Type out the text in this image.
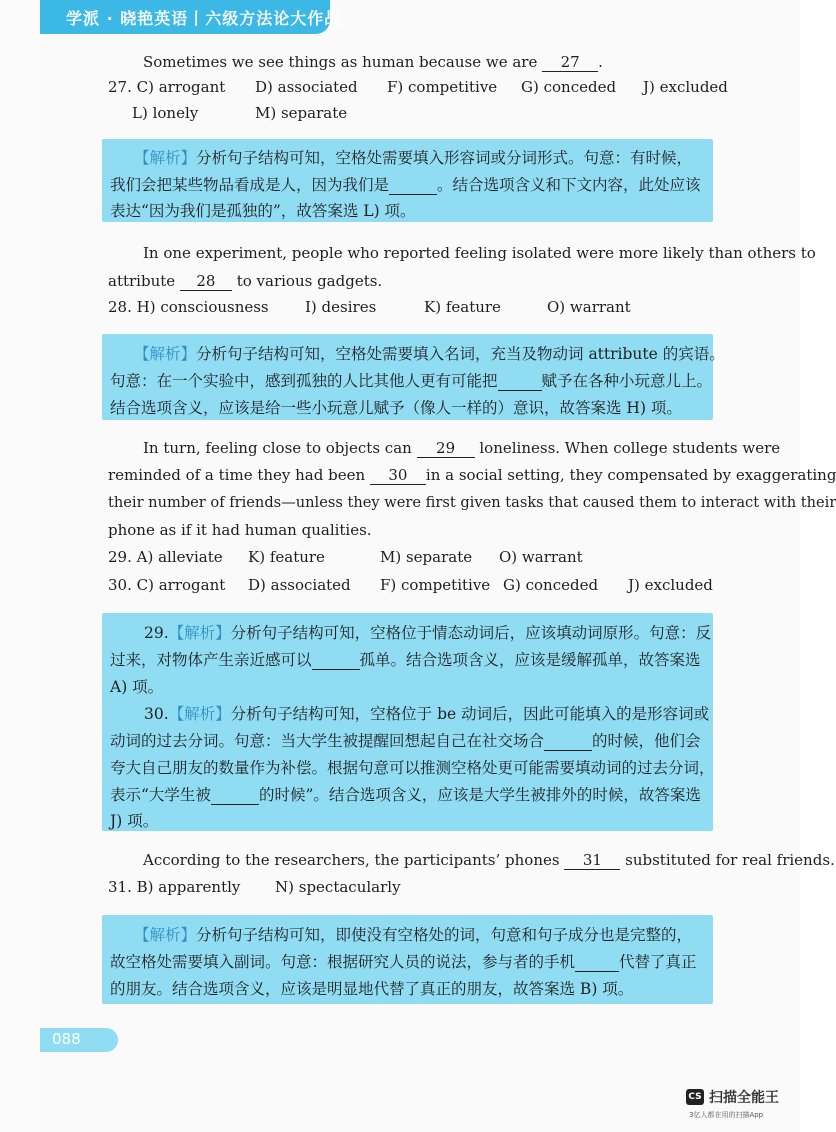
学派 · 晓艳英语丨六级方法论大作战
Sometimes we see things as human because we are 27 .
27. C) arrogant D) associated F) competitive G) conceded J) excluded
L) lonely	M) separate
【解析】分析句子结构可知，空格处需要填入形容词或分词形式。句意：有时候，
我们会把某些物品看成是人，因为我们是	。结合选项含义和下文内容，此处应该
表达“因为我们是孤独的”，故答案选 L) 项。
In one experiment, people who reported feeling isolated were more likely than others to
attribute 28 to various gadgets.
28. H) consciousness I) desires	K) feature	O) warrant
【解析】分析句子结构可知，空格处需要填入名词，充当及物动词 attribute 的宾语。
句意：在一个实验中，感到孤独的人比其他人更有可能把	赋予在各种小玩意儿上。
结合选项含义，应该是给一些小玩意儿赋予（像人一样的）意识，故答案选 H) 项。
In turn, feeling close to objects can 29 loneliness. When college students were
reminded of a time they had been 30 in a social setting, they compensated by exaggerating
their number of friends—unless they were first given tasks that caused them to interact with their
phone as if it had human qualities.
29. A) alleviate K) feature	M) separate O) warrant
30. C) arrogant D) associated F) competitive G) conceded J) excluded
29.【解析】分析句子结构可知，空格位于情态动词后，应该填动词原形。句意：反
过来，对物体产生亲近感可以	孤单。结合选项含义，应该是缓解孤单，故答案选
A) 项。
30.【解析】分析句子结构可知，空格位于 be 动词后，因此可能填入的是形容词或
动词的过去分词。句意：当大学生被提醒回想起自己在社交场合	的时候，他们会
夸大自己朋友的数量作为补偿。根据句意可以推测空格处更可能需要填动词的过去分词，
表示“大学生被	的时候”。结合选项含义，应该是大学生被排外的时候，故答案选
J) 项。
According to the researchers, the participants’ phones 31 substituted for real friends.
31. B) apparently N) spectacularly
【解析】分析句子结构可知，即使没有空格处的词，句意和句子成分也是完整的，
故空格处需要填入副词。句意：根据研究人员的说法，参与者的手机	代替了真正
的朋友。结合选项含义，应该是明显地代替了真正的朋友，故答案选 B) 项。
088
CS 扫描全能王
3亿人都在用的扫描App
